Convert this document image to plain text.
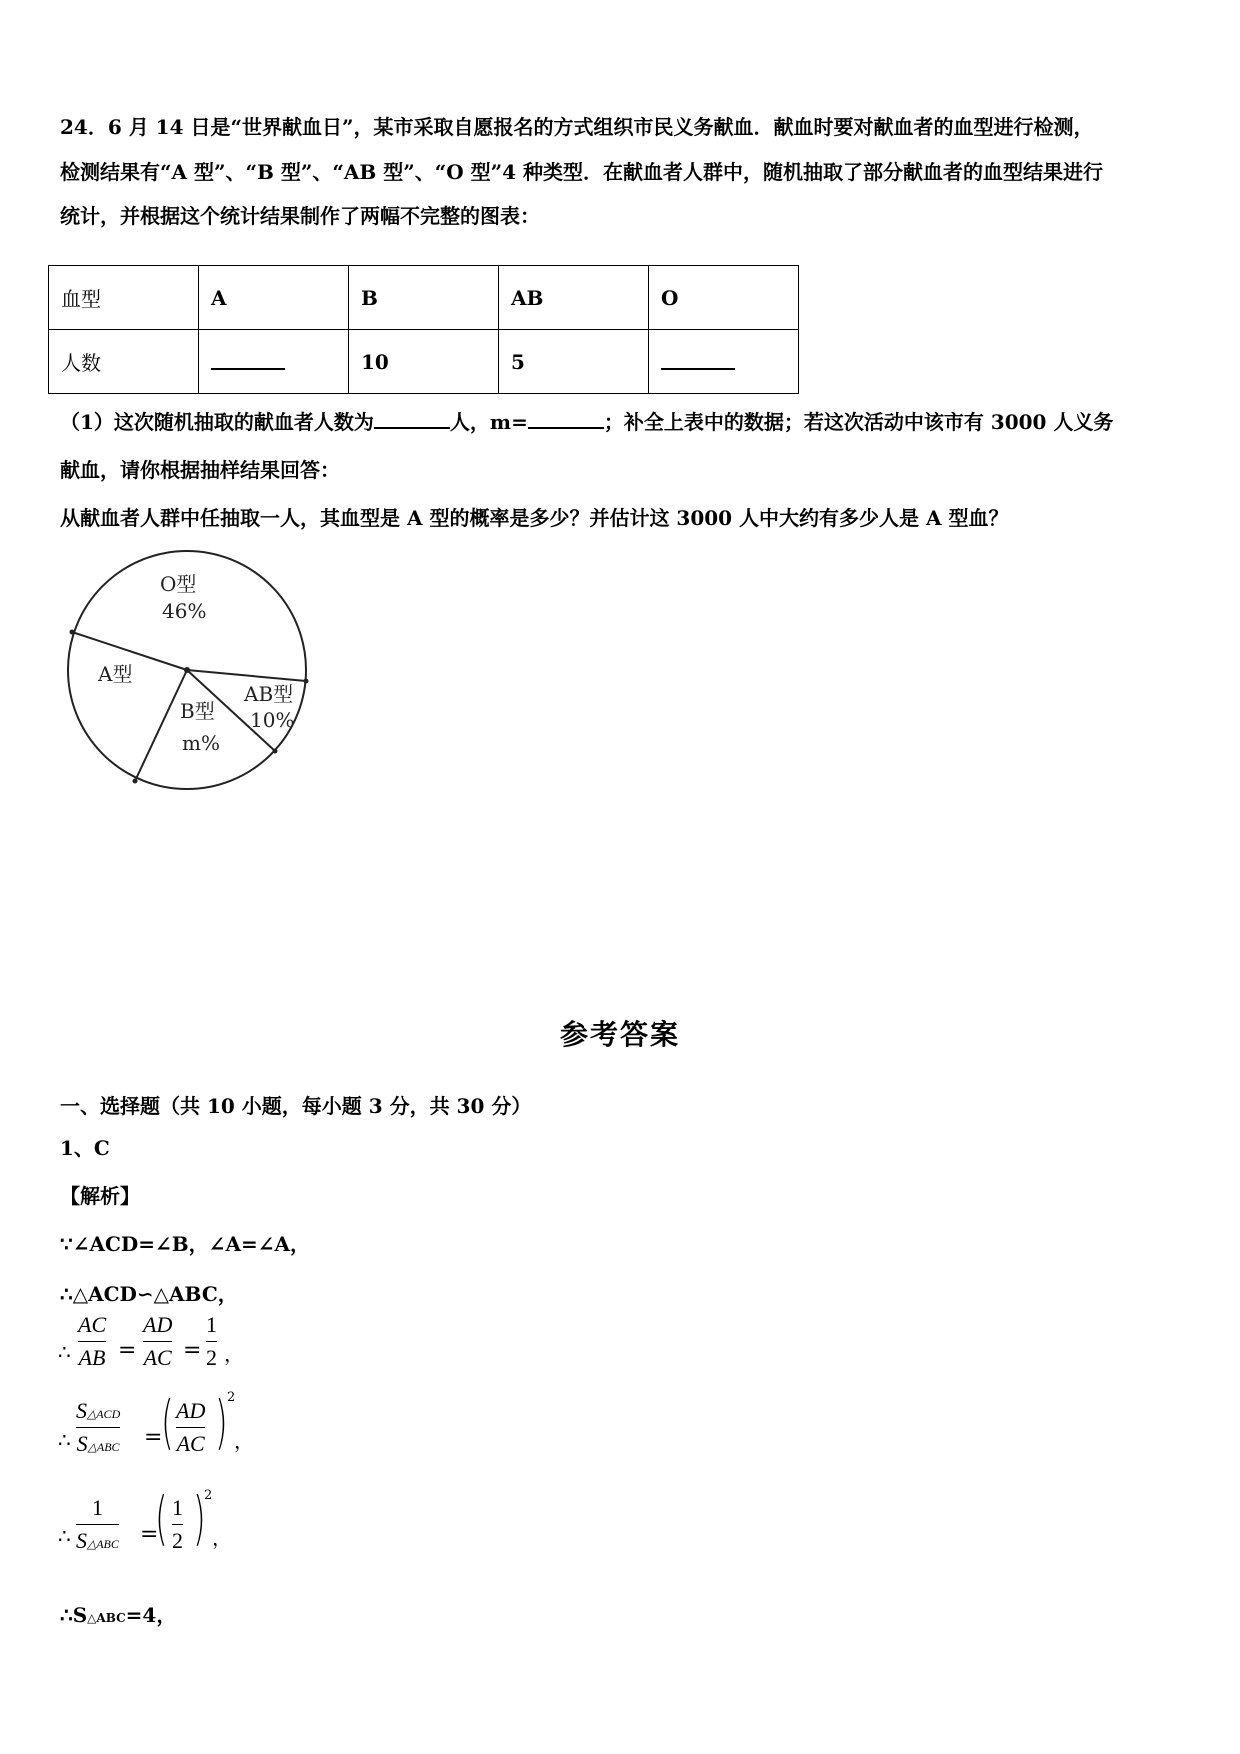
24．6 月 14 日是“世界献血日”，某市采取自愿报名的方式组织市民义务献血．献血时要对献血者的血型进行检测，
检测结果有“A 型”、“B 型”、“AB 型”、“O 型”4 种类型．在献血者人群中，随机抽取了部分献血者的血型结果进行
统计，并根据这个统计结果制作了两幅不完整的图表：
血型	A	B	AB	O
人数		10	5	
（1）这次随机抽取的献血者人数为	人，m=	；补全上表中的数据；若这次活动中该市有 3000 人义务
献血，请你根据抽样结果回答：
从献血者人群中任抽取一人，其血型是 A 型的概率是多少？并估计这 3000 人中大约有多少人是 A 型血？
O型
46%
A型
B型
m%
AB型
10%
参考答案
一、选择题（共 10 小题，每小题 3 分，共 30 分）
1、C
【解析】
∵∠ACD=∠B，∠A=∠A，
∴△ACD∽△ABC，
∴
AC
AB =
AD
AC =
1
2 ，
∴
S△ACD
S△ABC =
( AD
AC ) 2
，
∴
1
S△ABC =
( 1
2 )
2
，
∴S△ABC=4，
